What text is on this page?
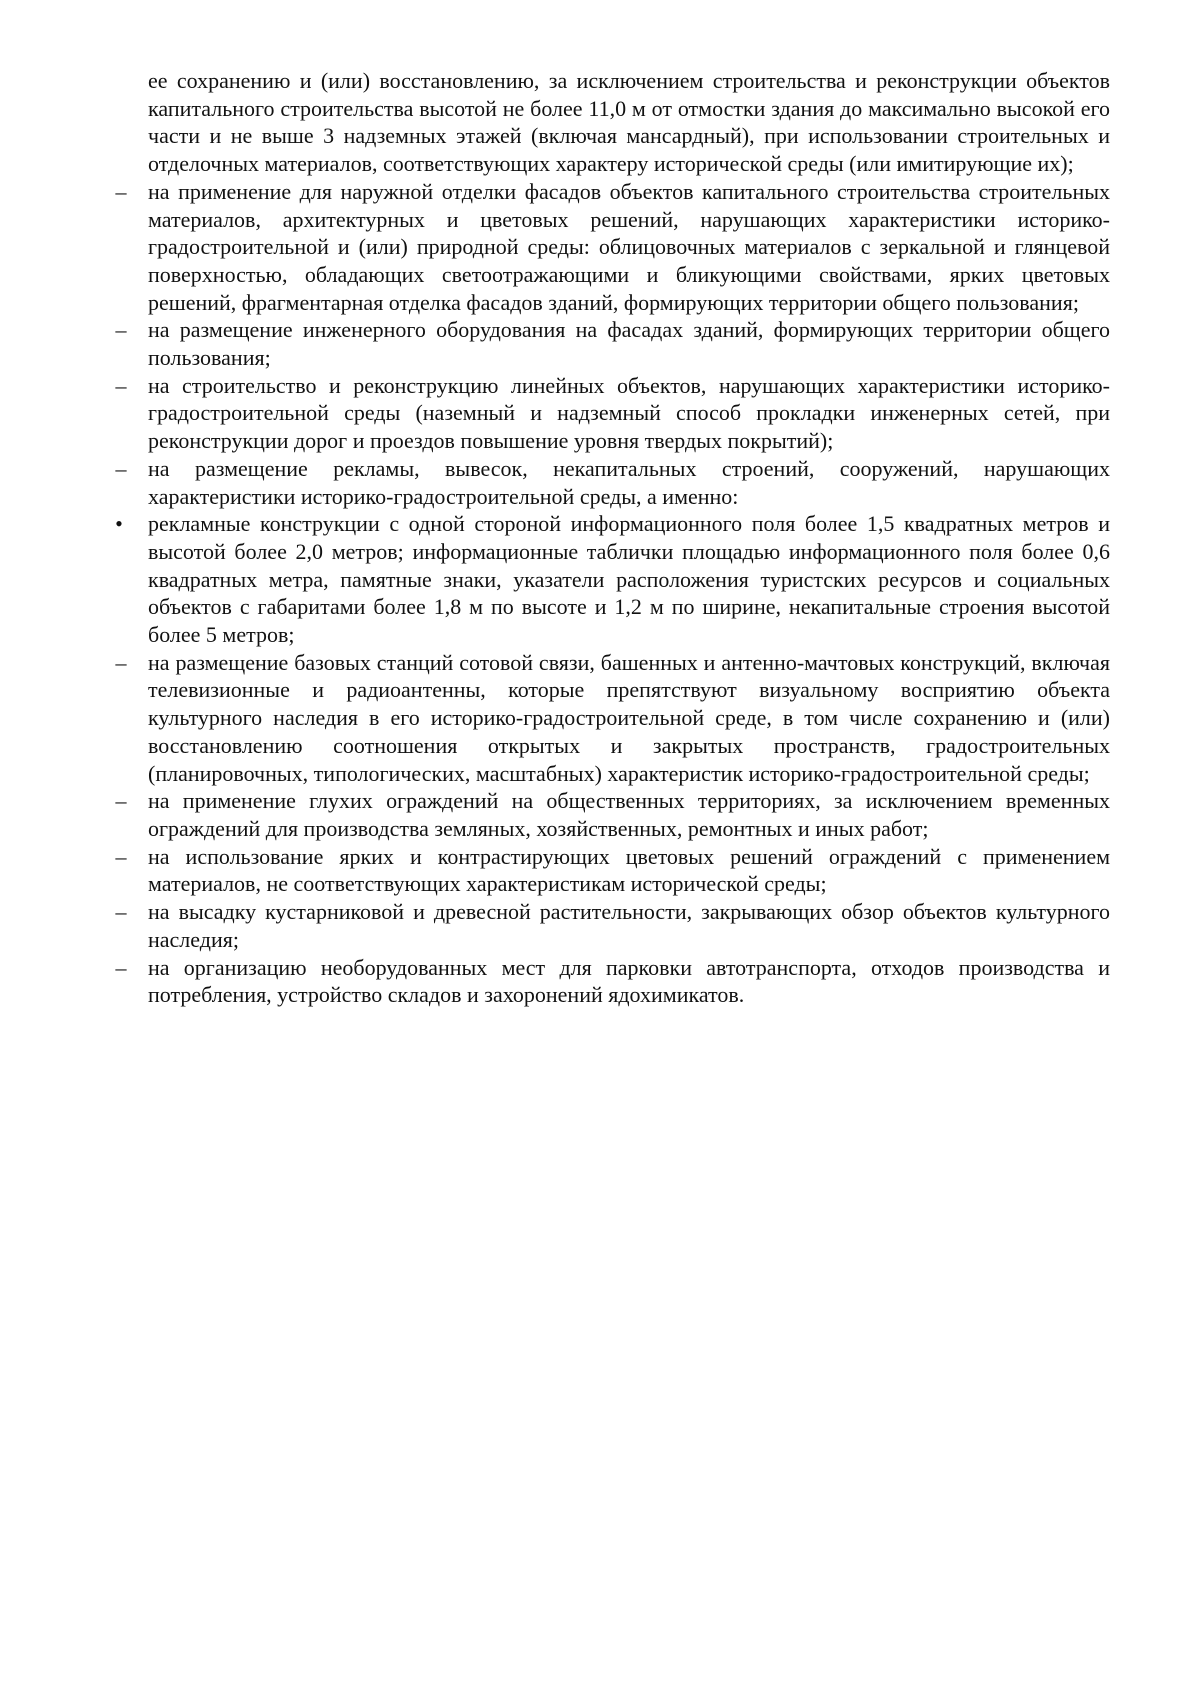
ее сохранению и (или) восстановлению, за исключением строительства и реконструкции объектов капитального строительства высотой не более 11,0 м от отмостки здания до максимально высокой его части и не выше 3 надземных этажей (включая мансардный), при использовании строительных и отделочных материалов, соответствующих характеру исторической среды (или имитирующие их);

– на применение для наружной отделки фасадов объектов капитального строительства строительных материалов, архитектурных и цветовых решений, нарушающих характеристики историко-градостроительной и (или) природной среды: облицовочных материалов с зеркальной и глянцевой поверхностью, обладающих светоотражающими и бликующими свойствами, ярких цветовых решений, фрагментарная отделка фасадов зданий, формирующих территории общего пользования;
– на размещение инженерного оборудования на фасадах зданий, формирующих территории общего пользования;
– на строительство и реконструкцию линейных объектов, нарушающих характеристики историко-градостроительной среды (наземный и надземный способ прокладки инженерных сетей, при реконструкции дорог и проездов повышение уровня твердых покрытий);
– на размещение рекламы, вывесок, некапитальных строений, сооружений, нарушающих характеристики историко-градостроительной среды, а именно:
• рекламные конструкции с одной стороной информационного поля более 1,5 квадратных метров и высотой более 2,0 метров; информационные таблички площадью информационного поля более 0,6 квадратных метра, памятные знаки, указатели расположения туристских ресурсов и социальных объектов с габаритами более 1,8 м по высоте и 1,2 м по ширине, некапитальные строения высотой более 5 метров;
– на размещение базовых станций сотовой связи, башенных и антенно-мачтовых конструкций, включая телевизионные и радиоантенны, которые препятствуют визуальному восприятию объекта культурного наследия в его историко-градостроительной среде, в том числе сохранению и (или) восстановлению соотношения открытых и закрытых пространств, градостроительных (планировочных, типологических, масштабных) характеристик историко-градостроительной среды;
– на применение глухих ограждений на общественных территориях, за исключением временных ограждений для производства земляных, хозяйственных, ремонтных и иных работ;
– на использование ярких и контрастирующих цветовых решений ограждений с применением материалов, не соответствующих характеристикам исторической среды;
– на высадку кустарниковой и древесной растительности, закрывающих обзор объектов культурного наследия;
– на организацию необорудованных мест для парковки автотранспорта, отходов производства и потребления, устройство складов и захоронений ядохимикатов.
